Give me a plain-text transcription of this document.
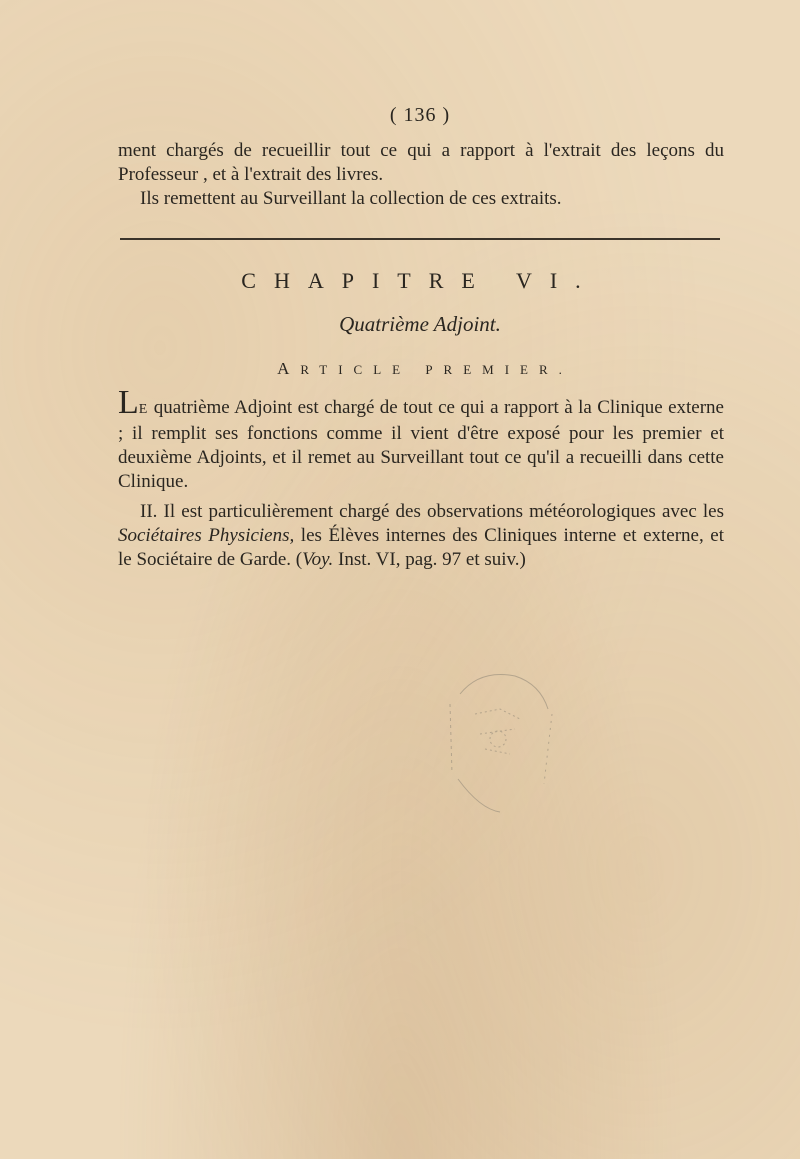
( 136 )

ment chargés de recueillir tout ce qui a rapport à l'extrait des leçons du Professeur , et à l'extrait des livres.

Ils remettent au Surveillant la collection de ces extraits.

CHAPITRE VI.
Quatrième Adjoint.
ARTICLE PREMIER.

LE quatrième Adjoint est chargé de tout ce qui a rapport à la Clinique externe ; il remplit ses fonctions comme il vient d'être exposé pour les premier et deuxième Adjoints, et il remet au Surveillant tout ce qu'il a recueilli dans cette Clinique.

II. Il est particulièrement chargé des observations météorologiques avec les Sociétaires Physiciens, les Élèves internes des Cliniques interne et externe, et le Sociétaire de Garde. (Voy. Inst. VI, pag. 97 et suiv.)
